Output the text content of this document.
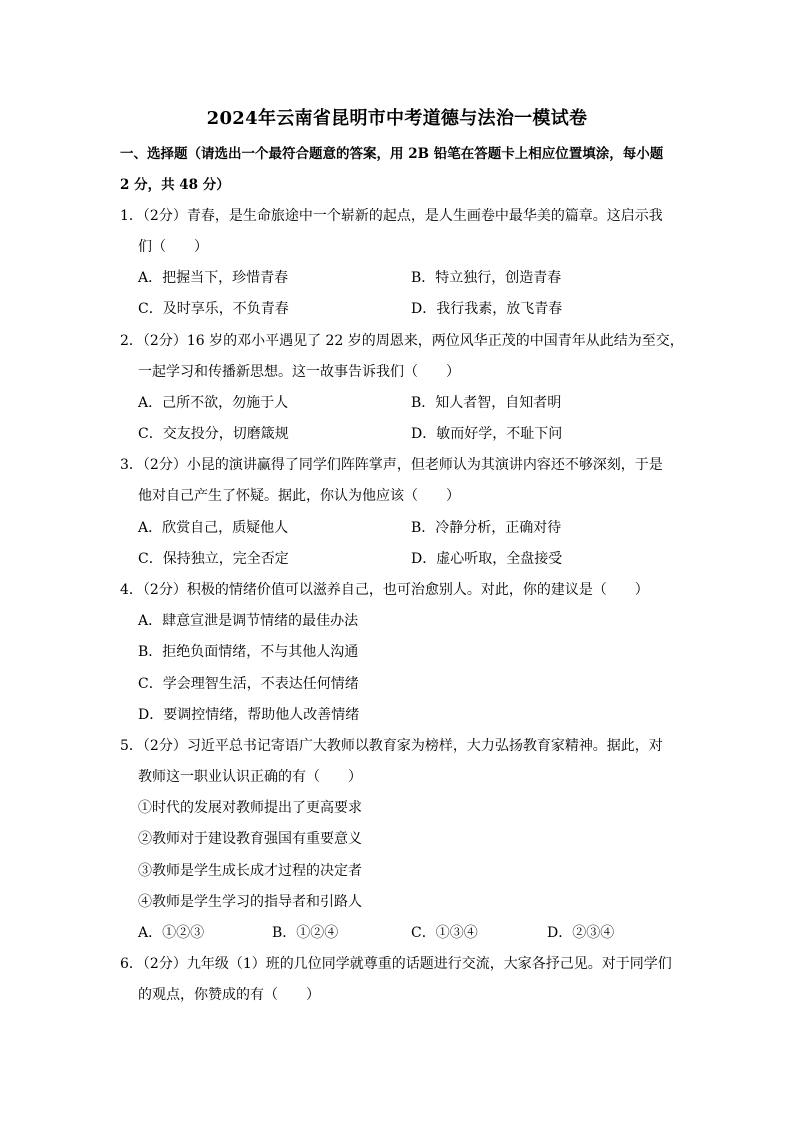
2024年云南省昆明市中考道德与法治一模试卷
一、选择题（请选出一个最符合题意的答案，用 2B 铅笔在答题卡上相应位置填涂，每小题
2 分，共 48 分）
1．（2分）青春，是生命旅途中一个崭新的起点，是人生画卷中最华美的篇章。这启示我
们（　　）
A．把握当下，珍惜青春	B．特立独行，创造青春
C．及时享乐，不负青春	D．我行我素，放飞青春
2．（2分）16 岁的邓小平遇见了 22 岁的周恩来，两位风华正茂的中国青年从此结为至交，
一起学习和传播新思想。这一故事告诉我们（　　）
A．己所不欲，勿施于人	B．知人者智，自知者明
C．交友投分，切磨箴规	D．敏而好学，不耻下问
3．（2分）小昆的演讲赢得了同学们阵阵掌声，但老师认为其演讲内容还不够深刻，于是
他对自己产生了怀疑。据此，你认为他应该（　　）
A．欣赏自己，质疑他人	B．冷静分析，正确对待
C．保持独立，完全否定	D．虚心听取，全盘接受
4．（2分）积极的情绪价值可以滋养自己，也可治愈别人。对此，你的建议是（　　）
A．肆意宣泄是调节情绪的最佳办法
B．拒绝负面情绪，不与其他人沟通
C．学会理智生活，不表达任何情绪
D．要调控情绪，帮助他人改善情绪
5．（2分）习近平总书记寄语广大教师以教育家为榜样，大力弘扬教育家精神。据此，对
教师这一职业认识正确的有（　　）
①时代的发展对教师提出了更高要求
②教师对于建设教育强国有重要意义
③教师是学生成长成才过程的决定者
④教师是学生学习的指导者和引路人
A．①②③	B．①②④	C．①③④	D．②③④
6．（2分）九年级（1）班的几位同学就尊重的话题进行交流，大家各抒己见。对于同学们
的观点，你赞成的有（　　）
